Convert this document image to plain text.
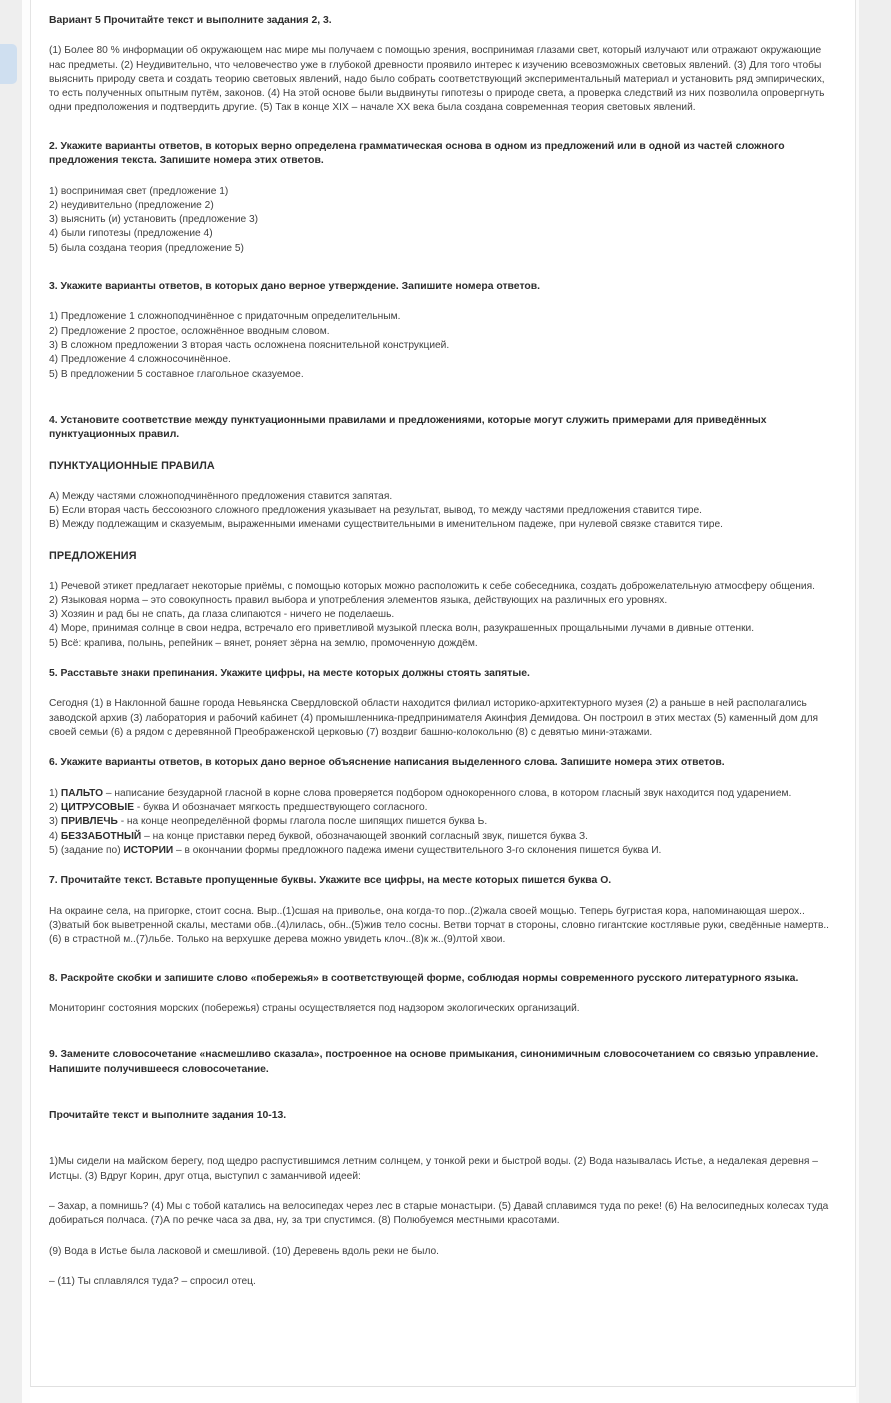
Вариант 5 Прочитайте текст и выполните задания 2, 3.

(1) Более 80 % информации об окружающем нас мире мы получаем с помощью зрения, воспринимая глазами свет, который излучают или отражают окружающие нас предметы. (2) Неудивительно, что человечество уже в глубокой древности проявило интерес к изучению всевозможных световых явлений. (3) Для того чтобы выяснить природу света и создать теорию световых явлений, надо было собрать соответствующий экспериментальный материал и установить ряд эмпирических, то есть полученных опытным путём, законов. (4) На этой основе были выдвинуты гипотезы о природе света, а проверка следствий из них позволила опровергнуть одни предположения и подтвердить другие. (5) Так в конце XIX – начале XX века была создана современная теория световых явлений.

2. Укажите варианты ответов, в которых верно определена грамматическая основа в одном из предложений или в одной из частей сложного предложения текста. Запишите номера этих ответов.

1) воспринимая свет (предложение 1)
2) неудивительно (предложение 2)
3) выяснить (и) установить (предложение 3)
4) были гипотезы (предложение 4)
5) была создана теория (предложение 5)

3. Укажите варианты ответов, в которых дано верное утверждение. Запишите номера ответов.

1) Предложение 1 сложноподчинённое с придаточным определительным.
2) Предложение 2 простое, осложнённое вводным словом.
3) В сложном предложении 3 вторая часть осложнена пояснительной конструкцией.
4) Предложение 4 сложносочинённое.
5) В предложении 5 составное глагольное сказуемое.

4. Установите соответствие между пунктуационными правилами и предложениями, которые могут служить примерами для приведённых пунктуационных правил.

ПУНКТУАЦИОННЫЕ ПРАВИЛА

А) Между частями сложноподчинённого предложения ставится запятая.
Б) Если вторая часть бессоюзного сложного предложения указывает на результат, вывод, то между частями предложения ставится тире.
В) Между подлежащим и сказуемым, выраженными именами существительными в именительном падеже, при нулевой связке ставится тире.

ПРЕДЛОЖЕНИЯ

1) Речевой этикет предлагает некоторые приёмы, с помощью которых можно расположить к себе собеседника, создать доброжелательную атмосферу общения.
2) Языковая норма – это совокупность правил выбора и употребления элементов языка, действующих на различных его уровнях.
3) Хозяин и рад бы не спать, да глаза слипаются - ничего не поделаешь.
4) Море, принимая солнце в свои недра, встречало его приветливой музыкой плеска волн, разукрашенных прощальными лучами в дивные оттенки.
5) Всё: крапива, полынь, репейник – вянет, роняет зёрна на землю, промоченную дождём.

5. Расставьте знаки препинания. Укажите цифры, на месте которых должны стоять запятые.

Сегодня (1) в Наклонной башне города Невьянска Свердловской области находится филиал историко-архитектурного музея (2) а раньше в ней располагались заводской архив (3) лаборатория и рабочий кабинет (4) промышленника-предпринимателя Акинфия Демидова. Он построил в этих местах (5) каменный дом для своей семьи (6) а рядом с деревянной Преображенской церковью (7) воздвиг башню-колокольню (8) с девятью мини-этажами.

6. Укажите варианты ответов, в которых дано верное объяснение написания выделенного слова. Запишите номера этих ответов.

1) ПАЛЬТО – написание безударной гласной в корне слова проверяется подбором однокоренного слова, в котором гласный звук находится под ударением.
2) ЦИТРУСОВЫЕ - буква И обозначает мягкость предшествующего согласного.
3) ПРИВЛЕЧЬ - на конце неопределённой формы глагола после шипящих пишется буква Ь.
4) БЕЗЗАБОТНЫЙ – на конце приставки перед буквой, обозначающей звонкий согласный звук, пишется буква З.
5) (задание по) ИСТОРИИ – в окончании формы предложного падежа имени существительного 3-го склонения пишется буква И.

7. Прочитайте текст. Вставьте пропущенные буквы. Укажите все цифры, на месте которых пишется буква О.

На окраине села, на пригорке, стоит сосна. Выр..(1)сшая на приволье, она когда-то пор..(2)жала своей мощью. Теперь бугристая кора, напоминающая шерох..(3)ватый бок выветренной скалы, местами обв..(4)лилась, обн..(5)жив тело сосны. Ветви торчат в стороны, словно гигантские костлявые руки, сведённые намертв..(6) в страстной м..(7)льбе. Только на верхушке дерева можно увидеть клоч..(8)к ж..(9)лтой хвои.

8. Раскройте скобки и запишите слово «побережья» в соответствующей форме, соблюдая нормы современного русского литературного языка.

Мониторинг состояния морских (побережья) страны осуществляется под надзором экологических организаций.

9. Замените словосочетание «насмешливо сказала», построенное на основе примыкания, синонимичным словосочетанием со связью управление. Напишите получившееся словосочетание.

Прочитайте текст и выполните задания 10-13.

1)Мы сидели на майском берегу, под щедро распустившимся летним солнцем, у тонкой реки и быстрой воды. (2) Вода называлась Истье, а недалекая деревня – Истцы. (3) Вдруг Корин, друг отца, выступил с заманчивой идеей:

– Захар, а помнишь? (4) Мы с тобой катались на велосипедах через лес в старые монастыри. (5) Давай сплавимся туда по реке! (6) На велосипедных колесах туда добираться полчаса. (7)А по речке часа за два, ну, за три спустимся. (8) Полюбуемся местными красотами.

(9) Вода в Истье была ласковой и смешливой. (10) Деревень вдоль реки не было.

– (11) Ты сплавлялся туда? – спросил отец.
